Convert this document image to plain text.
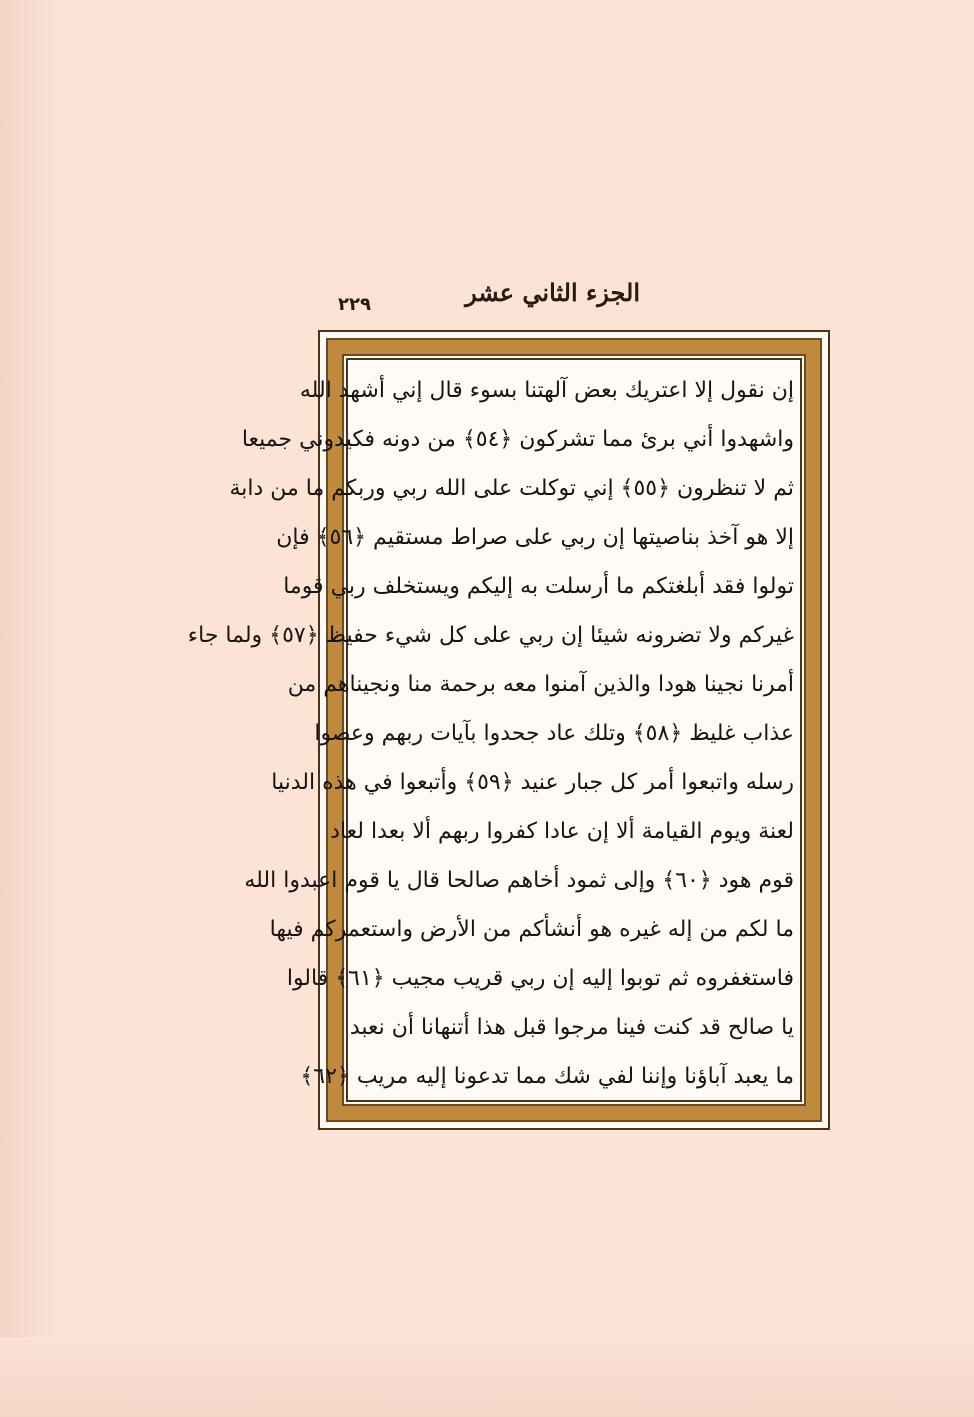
الجزء الثاني عشر
٢٢٩
إن نقول إلا اعتريك بعض آلهتنا بسوء قال إني أشهد الله
واشهدوا أني برئ مما تشركون ﴿٥٤﴾ من دونه فكيدوني جميعا
ثم لا تنظرون ﴿٥٥﴾ إني توكلت على الله ربي وربكم ما من دابة
إلا هو آخذ بناصيتها إن ربي على صراط مستقيم ﴿٥٦﴾ فإن
تولوا فقد أبلغتكم ما أرسلت به إليكم ويستخلف ربي قوما
غيركم ولا تضرونه شيئا إن ربي على كل شيء حفيظ ﴿٥٧﴾ ولما جاء
أمرنا نجينا هودا والذين آمنوا معه برحمة منا ونجيناهم من
عذاب غليظ ﴿٥٨﴾ وتلك عاد جحدوا بآيات ربهم وعصوا
رسله واتبعوا أمر كل جبار عنيد ﴿٥٩﴾ وأتبعوا في هذه الدنيا
لعنة ويوم القيامة ألا إن عادا كفروا ربهم ألا بعدا لعاد
قوم هود ﴿٦٠﴾ وإلى ثمود أخاهم صالحا قال يا قوم اعبدوا الله
ما لكم من إله غيره هو أنشأكم من الأرض واستعمركم فيها
فاستغفروه ثم توبوا إليه إن ربي قريب مجيب ﴿٦١﴾ قالوا
يا صالح قد كنت فينا مرجوا قبل هذا أتنهانا أن نعبد
ما يعبد آباؤنا وإننا لفي شك مما تدعونا إليه مريب ﴿٦٢﴾
